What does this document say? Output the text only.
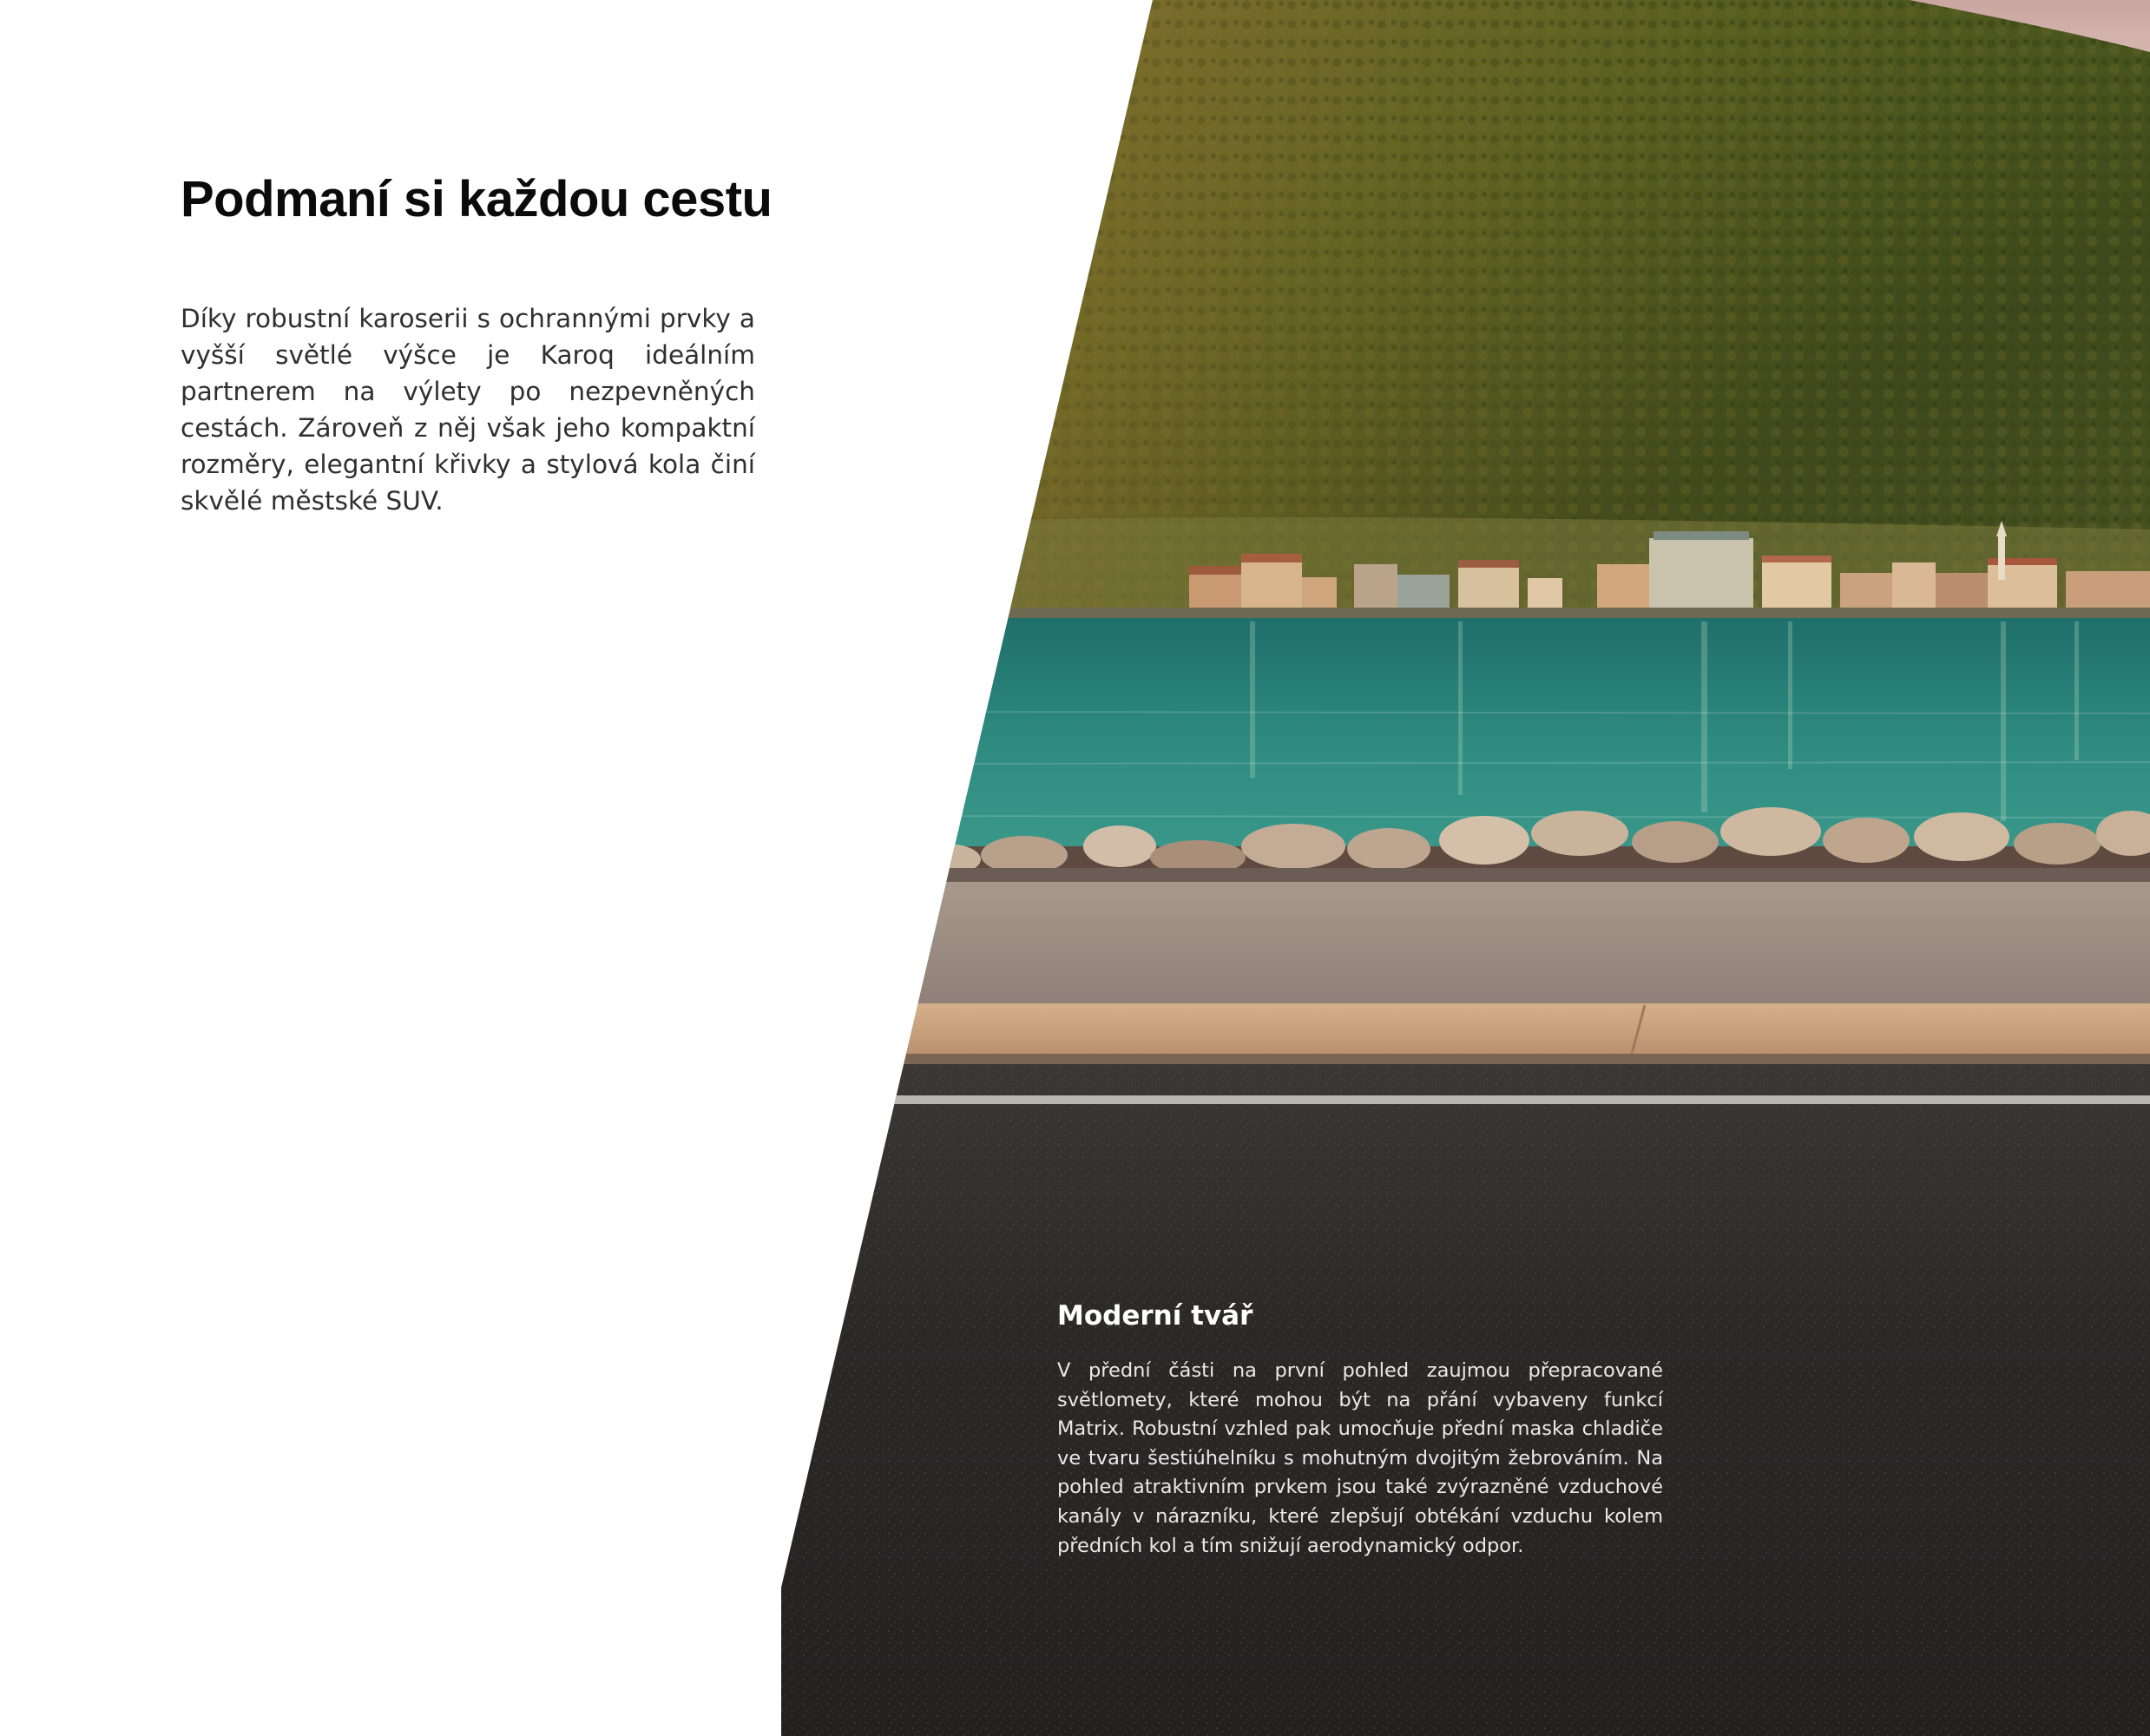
Podmaní si každou cestu

Díky robustní karoserii s ochrannými prvky a vyšší světlé výšce je Karoq ideálním partnerem na výlety po nezpevněných cestách. Zároveň z něj však jeho kompaktní rozměry, elegantní křivky a stylová kola činí skvělé městské SUV.

Moderní tvář

V přední části na první pohled zaujmou přepracované světlomety, které mohou být na přání vybaveny funkcí Matrix. Robustní vzhled pak umocňuje přední maska chladiče ve tvaru šestiúhelníku s mohutným dvojitým žebrováním. Na pohled atraktivním prvkem jsou také zvýrazněné vzduchové kanály v nárazníku, které zlepšují obtékání vzduchu kolem předních kol a tím snižují aerodynamický odpor.
